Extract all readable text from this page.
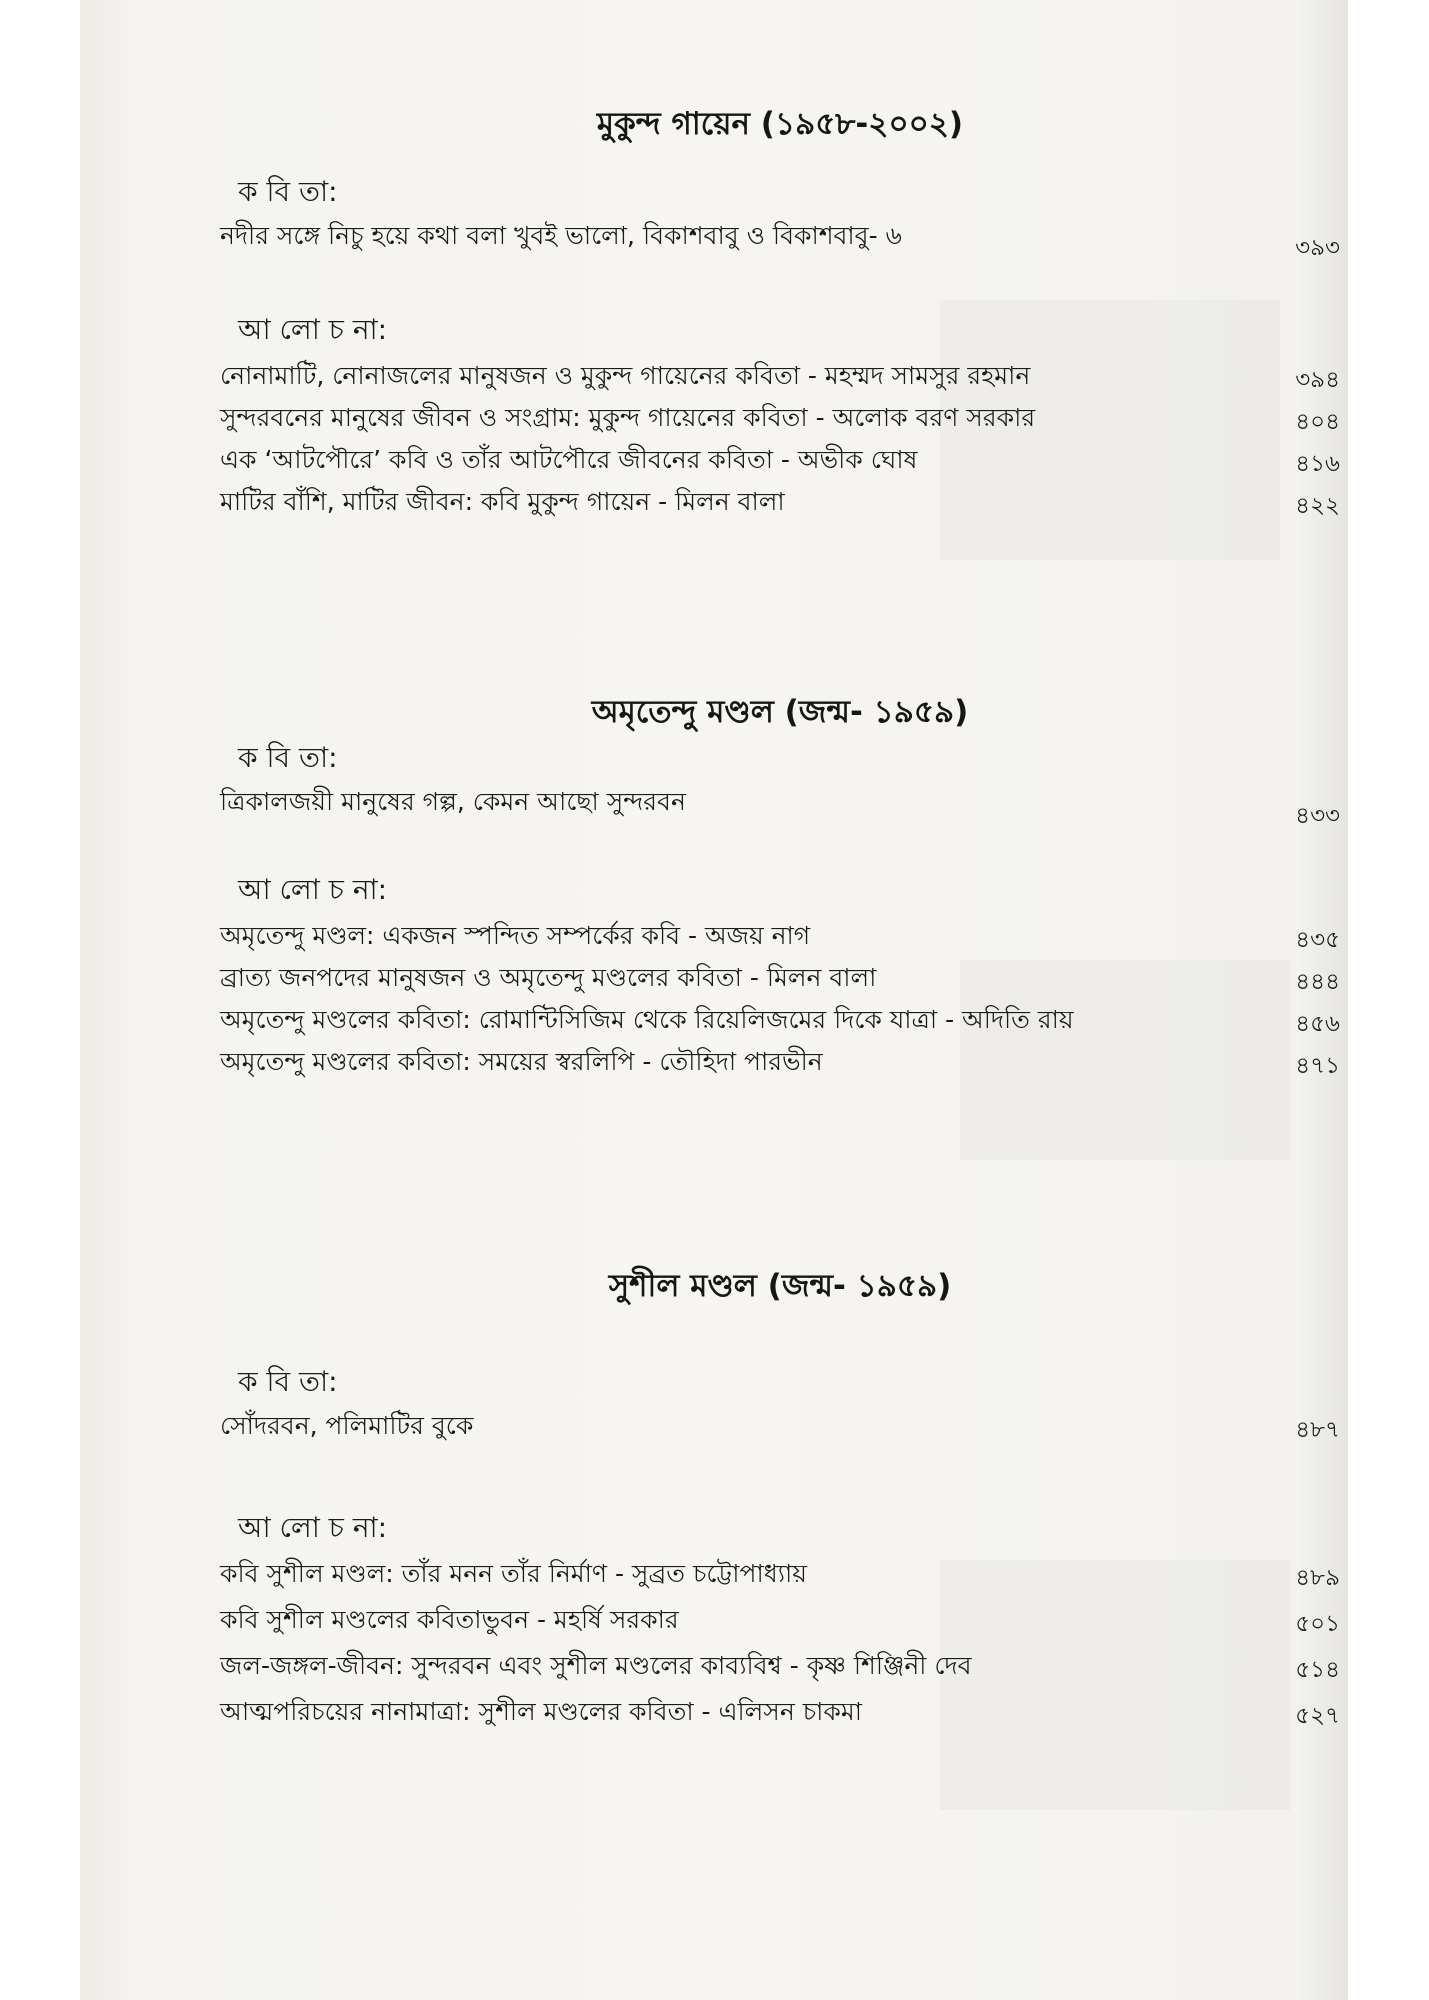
মুকুন্দ গায়েন (১৯৫৮-২০০২)
ক বি তা:
নদীর সঙ্গে নিচু হয়ে কথা বলা খুবই ভালো, বিকাশবাবু ও বিকাশবাবু- ৬	৩৯৩
আ লো চ না:
নোনামাটি, নোনাজলের মানুষজন ও মুকুন্দ গায়েনের কবিতা - মহম্মদ সামসুর রহমান	৩৯৪
সুন্দরবনের মানুষের জীবন ও সংগ্রাম: মুকুন্দ গায়েনের কবিতা - অলোক বরণ সরকার	৪০৪
এক ‘আটপৌরে’ কবি ও তাঁর আটপৌরে জীবনের কবিতা - অভীক ঘোষ	৪১৬
মাটির বাঁশি, মাটির জীবন: কবি মুকুন্দ গায়েন - মিলন বালা	৪২২
অমৃতেন্দু মণ্ডল (জন্ম- ১৯৫৯)
ক বি তা:
ত্রিকালজয়ী মানুষের গল্প, কেমন আছো সুন্দরবন	৪৩৩
আ লো চ না:
অমৃতেন্দু মণ্ডল: একজন স্পন্দিত সম্পর্কের কবি - অজয় নাগ	৪৩৫
ব্রাত্য জনপদের মানুষজন ও অমৃতেন্দু মণ্ডলের কবিতা - মিলন বালা	৪৪৪
অমৃতেন্দু মণ্ডলের কবিতা: রোমান্টিসিজিম থেকে রিয়েলিজমের দিকে যাত্রা - অদিতি রায়	৪৫৬
অমৃতেন্দু মণ্ডলের কবিতা: সময়ের স্বরলিপি - তৌহিদা পারভীন	৪৭১
সুশীল মণ্ডল (জন্ম- ১৯৫৯)
ক বি তা:
সোঁদরবন, পলিমাটির বুকে	৪৮৭
আ লো চ না:
কবি সুশীল মণ্ডল: তাঁর মনন তাঁর নির্মাণ - সুব্রত চট্টোপাধ্যায়	৪৮৯
কবি সুশীল মণ্ডলের কবিতাভুবন - মহর্ষি সরকার	৫০১
জল-জঙ্গল-জীবন: সুন্দরবন এবং সুশীল মণ্ডলের কাব্যবিশ্ব - কৃষ্ণ শিঞ্জিনী দেব	৫১৪
আত্মপরিচয়ের নানামাত্রা: সুশীল মণ্ডলের কবিতা - এলিসন চাকমা	৫২৭
